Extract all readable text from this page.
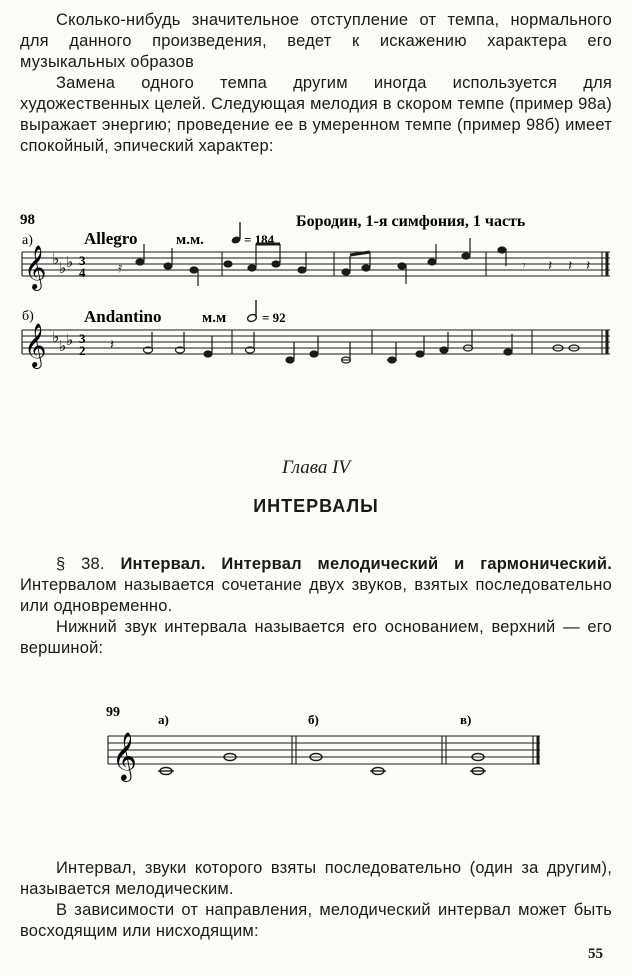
Сколько-нибудь значительное отступление от темпа, нормального для данного произведения, ведет к искажению характера его музыкальных образов

Замена одного темпа другим иногда используется для художественных целей. Следующая мелодия в скором темпе (пример 98а) выражает энергию; проведение ее в умеренном темпе (пример 98б) имеет спокойный, эпический характер:

98	Бородин, 1-я симфония, 1 часть
а)	Allegro	м.м.	= 184
𝄞 ♭ ♭ ♭ 3
4 𝄿	𝄾 𝄽 𝄽 𝄽
б)	Andantino	м.м	= 92
𝄞 ♭ ♭ ♭ 3
2 𝄽
Глава IV
ИНТЕРВАЛЫ

§ 38. Интервал. Интервал мелодический и гармонический. Интервалом называется сочетание двух звуков, взятых последовательно или одновременно.

Нижний звук интервала называется его основанием, верхний — его вершиной:

99	а)	б)	в)
𝄞

Интервал, звуки которого взяты последовательно (один за другим), называется мелодическим.

В зависимости от направления, мелодический интервал может быть восходящим или нисходящим:

55
